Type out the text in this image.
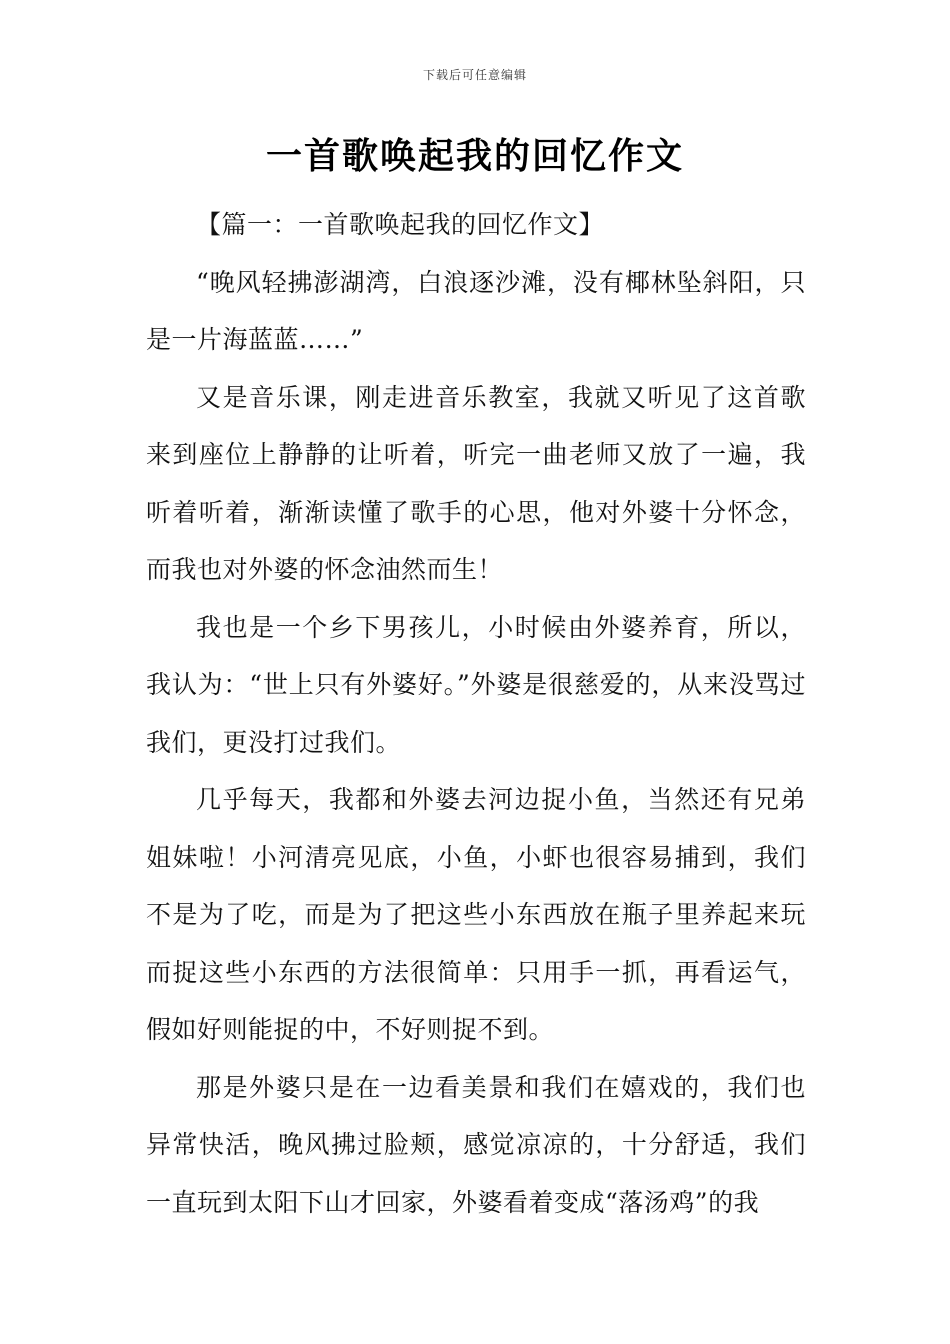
下载后可任意编辑
一首歌唤起我的回忆作文

【篇一：一首歌唤起我的回忆作文】

“晚风轻拂澎湖湾，白浪逐沙滩，没有椰林坠斜阳，只是一片海蓝蓝……”

又是音乐课，刚走进音乐教室，我就又听见了这首歌来到座位上静静的让听着，听完一曲老师又放了一遍，我听着听着，渐渐读懂了歌手的心思，他对外婆十分怀念，而我也对外婆的怀念油然而生！

我也是一个乡下男孩儿，小时候由外婆养育，所以，我认为：“世上只有外婆好。”外婆是很慈爱的，从来没骂过我们，更没打过我们。

几乎每天，我都和外婆去河边捉小鱼，当然还有兄弟姐妹啦！小河清亮见底，小鱼，小虾也很容易捕到，我们不是为了吃，而是为了把这些小东西放在瓶子里养起来玩而捉这些小东西的方法很简单：只用手一抓，再看运气，假如好则能捉的中，不好则捉不到。

那是外婆只是在一边看美景和我们在嬉戏的，我们也异常快活，晚风拂过脸颊，感觉凉凉的，十分舒适，我们一直玩到太阳下山才回家，外婆看着变成“落汤鸡”的我
